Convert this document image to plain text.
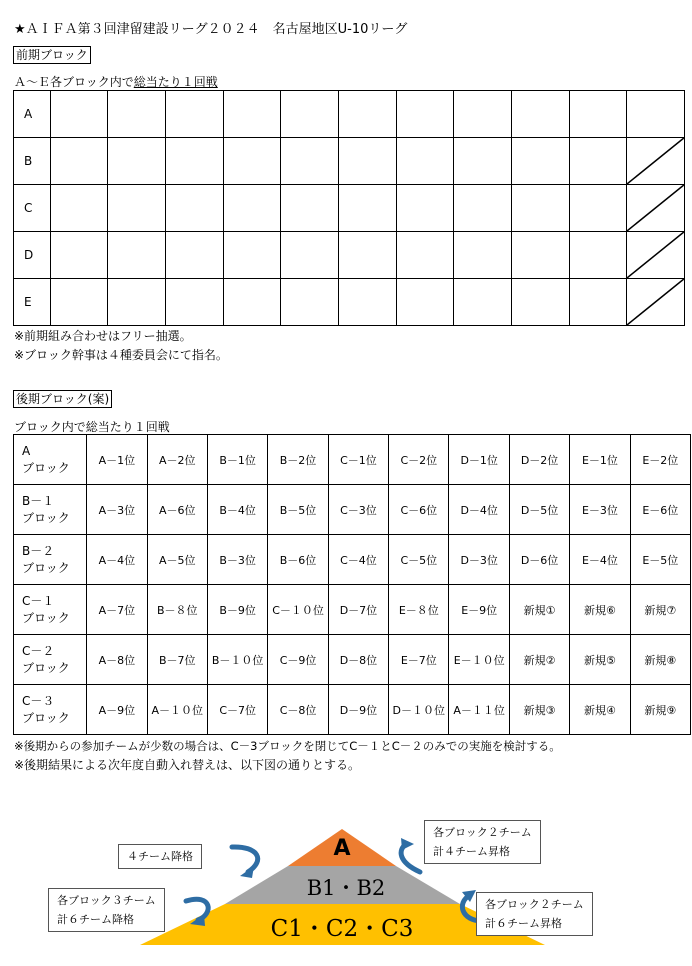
★ＡＩＦＡ第３回津留建設リーグ２０２４　名古屋地区U-10リーグ
前期ブロック
Ａ～Ｅ各ブロック内で総当たり１回戦
A											
B											

C											

D											

E											
※前期組み合わせはフリー抽選。
※ブロック幹事は４種委員会にて指名。
後期ブロック(案)
ブロック内で総当たり１回戦
A
ブロック	A－1位	A－2位	B－1位	B－2位	C－1位	C－2位	D－1位	D－2位	E－1位	E－2位

B－１
ブロック	A－3位	A－6位	B－4位	B－5位	C－3位	C－6位	D－4位	D－5位	E－3位	E－6位

B－２
ブロック	A－4位	A－5位	B－3位	B－6位	C－4位	C－5位	D－3位	D－6位	E－4位	E－5位

C－１
ブロック	A－7位	B－８位	B－9位	C－１０位	D－7位	E－８位	E－9位	新規①	新規⑥	新規⑦

C－２
ブロック	A－8位	B－7位	B－１０位	C－9位	D－8位	E－7位	E－１０位	新規②	新規⑤	新規⑧

C－３
ブロック	A－9位	A－１０位	C－7位	C－8位	D－9位	D－１０位	A－１１位	新規③	新規④	新規⑨
※後期からの参加チームが少数の場合は、C－3ブロックを閉じてC－１とC－２のみでの実施を検討する。
※後期結果による次年度自動入れ替えは、以下図の通りとする。
A
B1・B2
C1・C2・C3
４チーム降格
各ブロック２チーム
計４チーム昇格
各ブロック３チーム
計６チーム降格
各ブロック２チーム
計６チーム昇格
